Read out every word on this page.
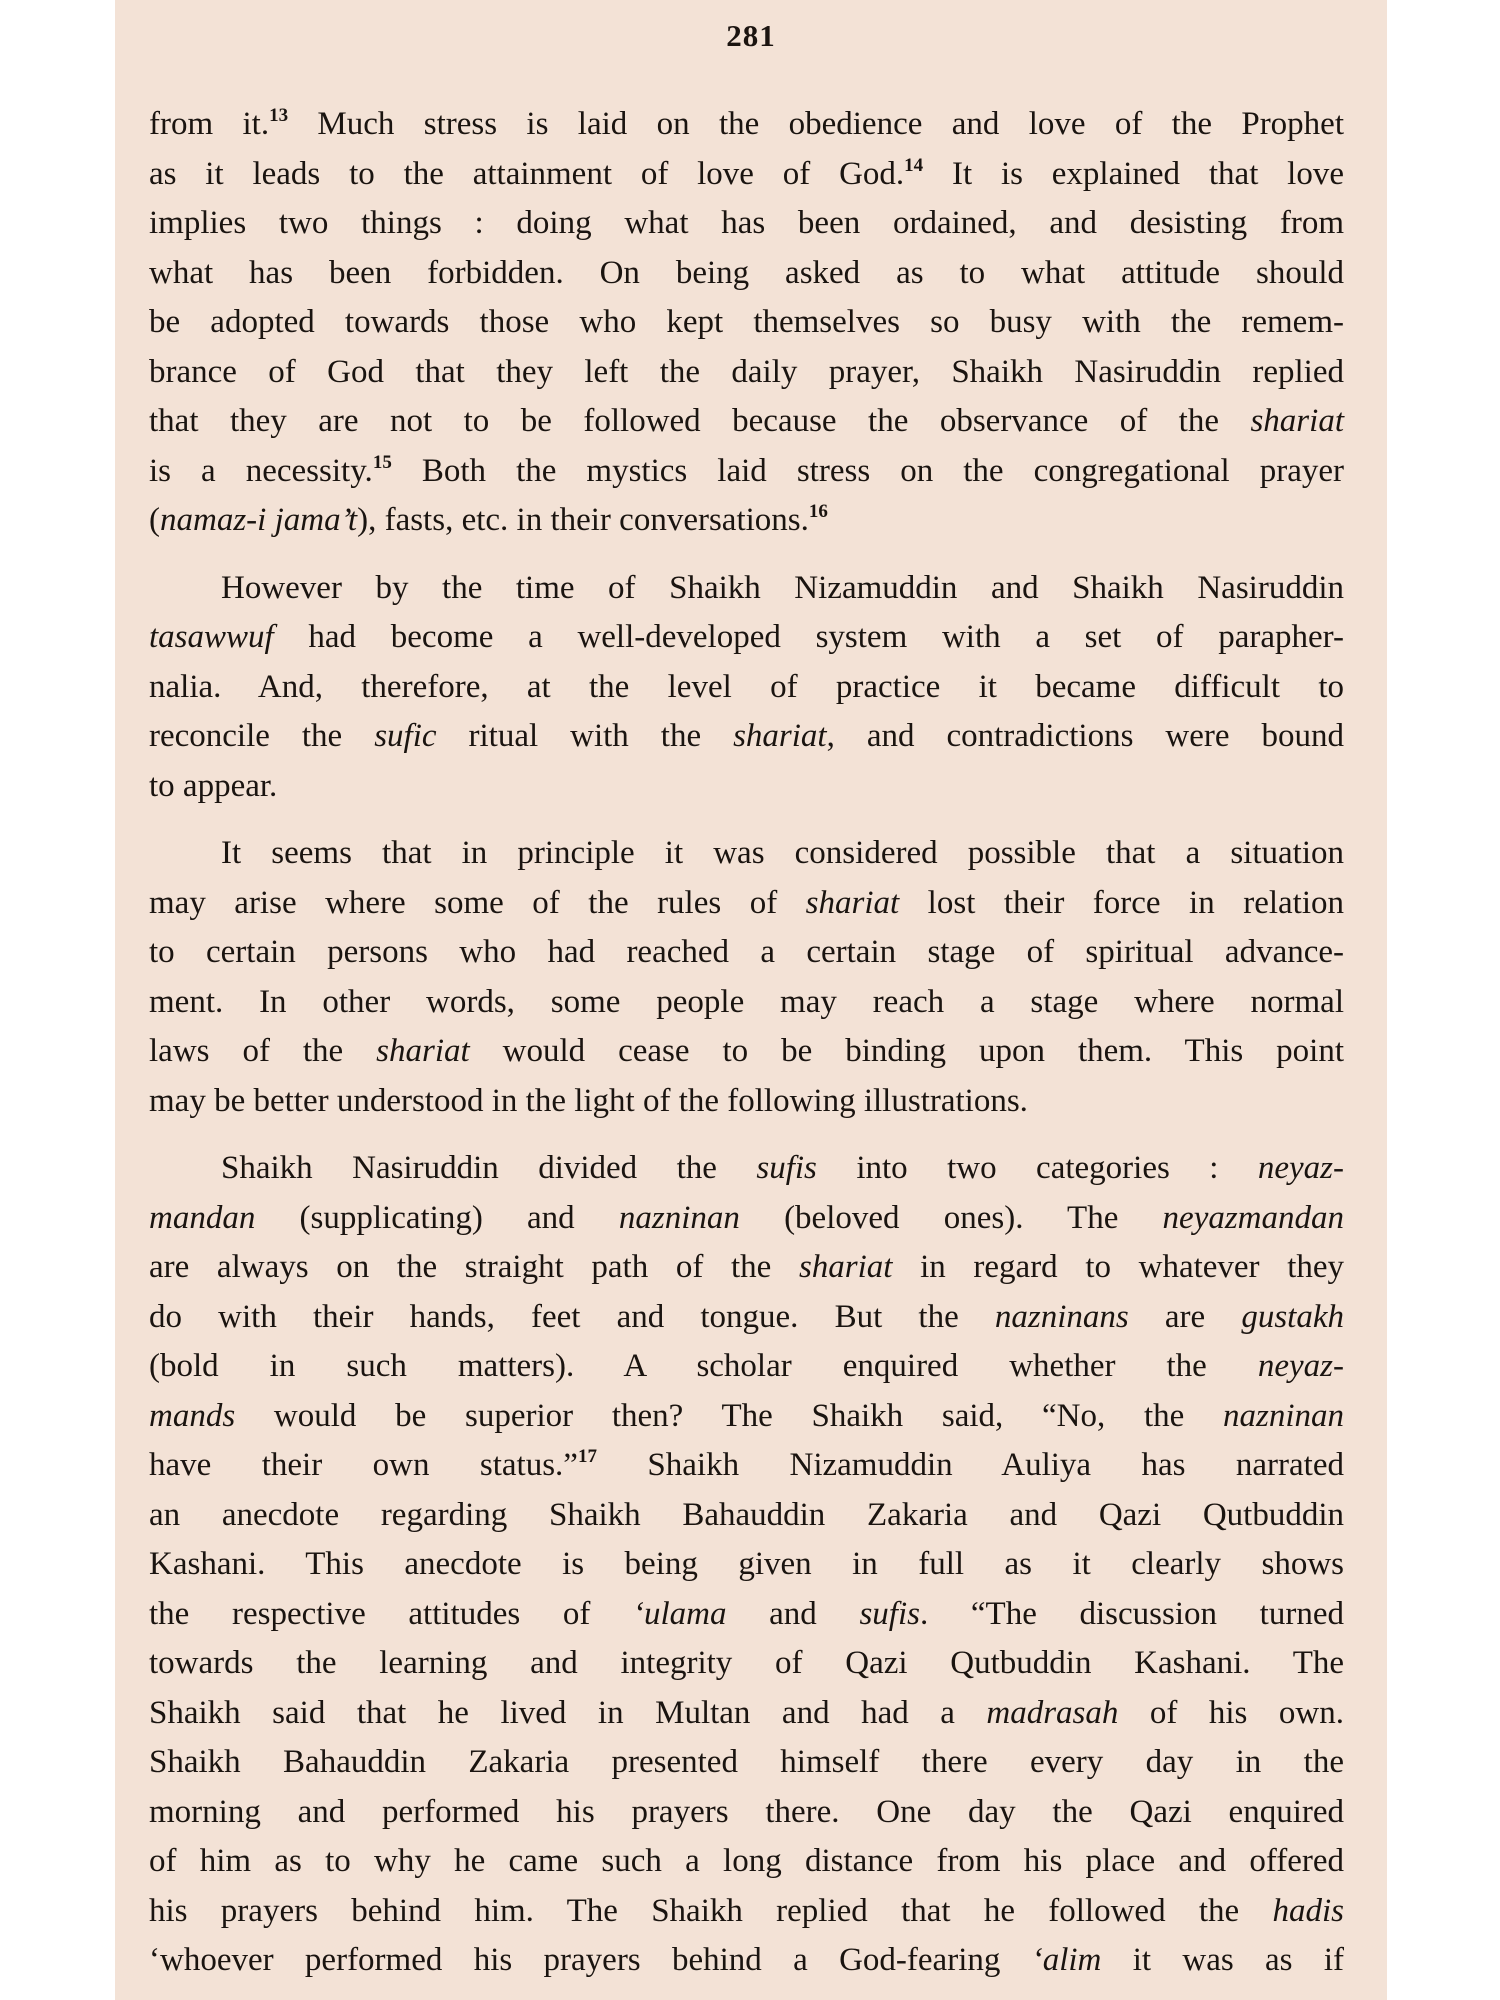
281

from it.$^{13}$ Much stress is laid on the obedience and love of the Prophet
as it leads to the attainment of love of God.$^{14}$ It is explained that love
implies two things : doing what has been ordained, and desisting from
what has been forbidden. On being asked as to what attitude should
be adopted towards those who kept themselves so busy with the remem-
brance of God that they left the daily prayer, Shaikh Nasiruddin replied
that they are not to be followed because the observance of the shariat
is a necessity.$^{15}$ Both the mystics laid stress on the congregational prayer
(namaz-i jama’t), fasts, etc. in their conversations.$^{16}$

However by the time of Shaikh Nizamuddin and Shaikh Nasiruddin
tasawwuf had become a well-developed system with a set of parapher-
nalia. And, therefore, at the level of practice it became difficult to
reconcile the sufic ritual with the shariat, and contradictions were bound
to appear.

It seems that in principle it was considered possible that a situation
may arise where some of the rules of shariat lost their force in relation
to certain persons who had reached a certain stage of spiritual advance-
ment. In other words, some people may reach a stage where normal
laws of the shariat would cease to be binding upon them. This point
may be better understood in the light of the following illustrations.

Shaikh Nasiruddin divided the sufis into two categories : neyaz-
mandan (supplicating) and nazninan (beloved ones). The neyazmandan
are always on the straight path of the shariat in regard to whatever they
do with their hands, feet and tongue. But the nazninans are gustakh
(bold in such matters). A scholar enquired whether the neyaz-
mands would be superior then? The Shaikh said, “No, the nazninan
have their own status.”$^{17}$ Shaikh Nizamuddin Auliya has narrated
an anecdote regarding Shaikh Bahauddin Zakaria and Qazi Qutbuddin
Kashani. This anecdote is being given in full as it clearly shows
the respective attitudes of ‘ulama and sufis. “The discussion turned
towards the learning and integrity of Qazi Qutbuddin Kashani. The
Shaikh said that he lived in Multan and had a madrasah of his own.
Shaikh Bahauddin Zakaria presented himself there every day in the
morning and performed his prayers there. One day the Qazi enquired
of him as to why he came such a long distance from his place and offered
his prayers behind him. The Shaikh replied that he followed the hadis
‘whoever performed his prayers behind a God-fearing ‘alim it was as if
